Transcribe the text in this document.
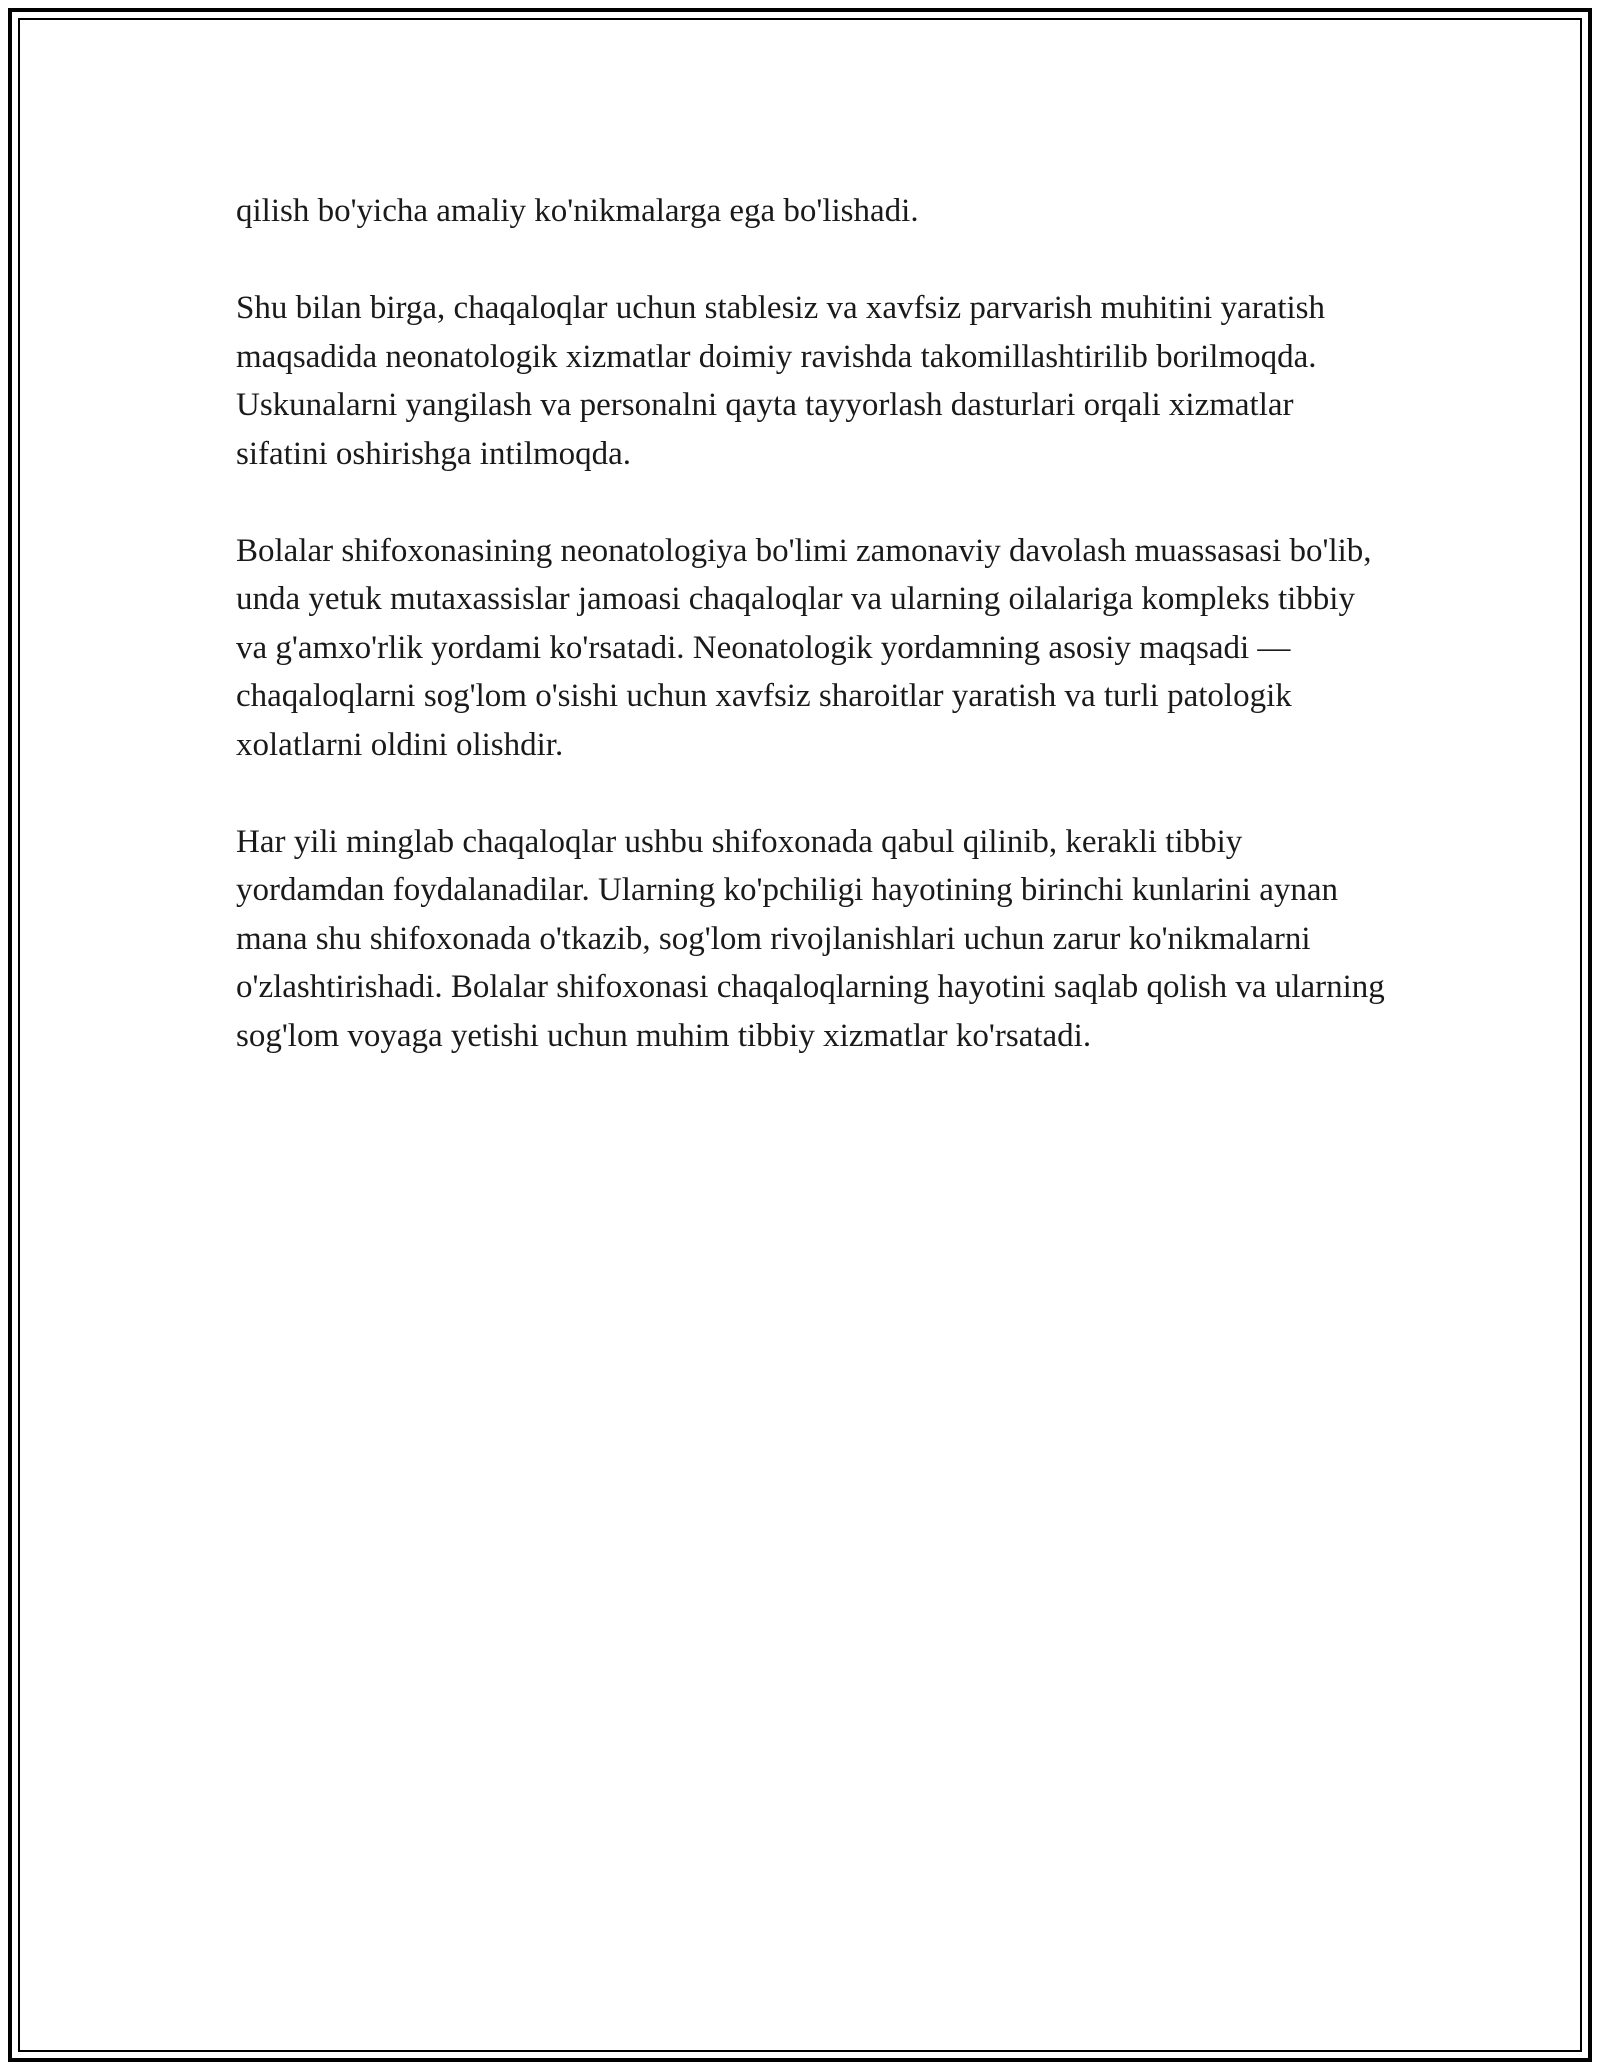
qilish bo'yicha amaliy ko'nikmalarga ega bo'lishadi.

Shu bilan birga, chaqaloqlar uchun stablesiz va xavfsiz parvarish muhitini yaratish maqsadida neonatologik xizmatlar doimiy ravishda takomillashtirilib borilmoqda. Uskunalarni yangilash va personalni qayta tayyorlash dasturlari orqali xizmatlar sifatini oshirishga intilmoqda.

Bolalar shifoxonasining neonatologiya bo'limi zamonaviy davolash muassasasi bo'lib, unda yetuk mutaxassislar jamoasi chaqaloqlar va ularning oilalariga kompleks tibbiy va g'amxo'rlik yordami ko'rsatadi. Neonatologik yordamning asosiy maqsadi — chaqaloqlarni sog'lom o'sishi uchun xavfsiz sharoitlar yaratish va turli patologik xolatlarni oldini olishdir.

Har yili minglab chaqaloqlar ushbu shifoxonada qabul qilinib, kerakli tibbiy yordamdan foydalanadilar. Ularning ko'pchiligi hayotining birinchi kunlarini aynan mana shu shifoxonada o'tkazib, sog'lom rivojlanishlari uchun zarur ko'nikmalarni o'zlashtirishadi. Bolalar shifoxonasi chaqaloqlarning hayotini saqlab qolish va ularning sog'lom voyaga yetishi uchun muhim tibbiy xizmatlar ko'rsatadi.
